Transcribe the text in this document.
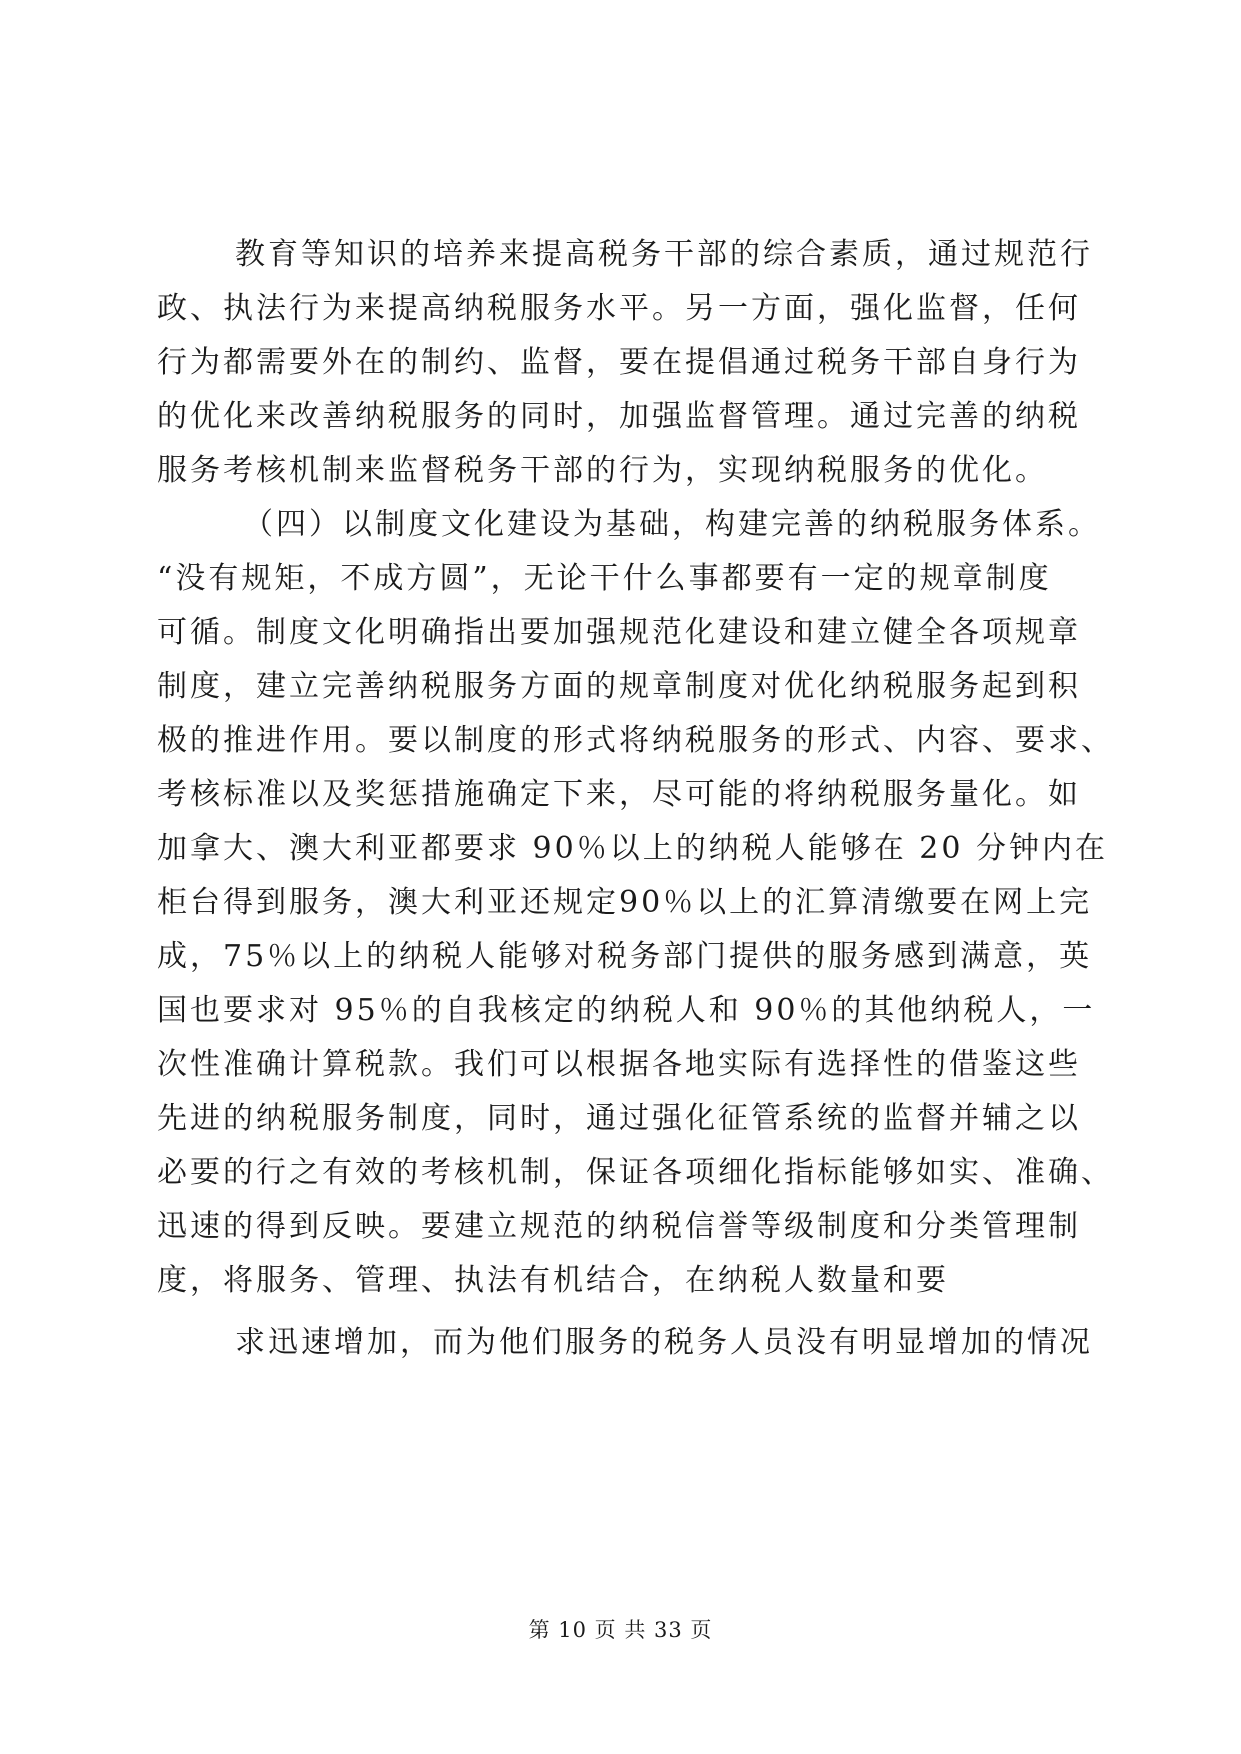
教育等知识的培养来提高税务干部的综合素质，通过规范行
政、执法行为来提高纳税服务水平。另一方面，强化监督，任何
行为都需要外在的制约、监督，要在提倡通过税务干部自身行为
的优化来改善纳税服务的同时，加强监督管理。通过完善的纳税
服务考核机制来监督税务干部的行为，实现纳税服务的优化。
（四）以制度文化建设为基础，构建完善的纳税服务体系。
“没有规矩，不成方圆”，无论干什么事都要有一定的规章制度
可循。制度文化明确指出要加强规范化建设和建立健全各项规章
制度，建立完善纳税服务方面的规章制度对优化纳税服务起到积
极的推进作用。要以制度的形式将纳税服务的形式、内容、要求、
考核标准以及奖惩措施确定下来，尽可能的将纳税服务量化。如
加拿大、澳大利亚都要求 90％以上的纳税人能够在 20 分钟内在
柜台得到服务，澳大利亚还规定90％以上的汇算清缴要在网上完
成，75％以上的纳税人能够对税务部门提供的服务感到满意，英
国也要求对 95％的自我核定的纳税人和 90％的其他纳税人，一
次性准确计算税款。我们可以根据各地实际有选择性的借鉴这些
先进的纳税服务制度，同时，通过强化征管系统的监督并辅之以
必要的行之有效的考核机制，保证各项细化指标能够如实、准确、
迅速的得到反映。要建立规范的纳税信誉等级制度和分类管理制
度，将服务、管理、执法有机结合，在纳税人数量和要
求迅速增加，而为他们服务的税务人员没有明显增加的情况
第 10 页 共 33 页
